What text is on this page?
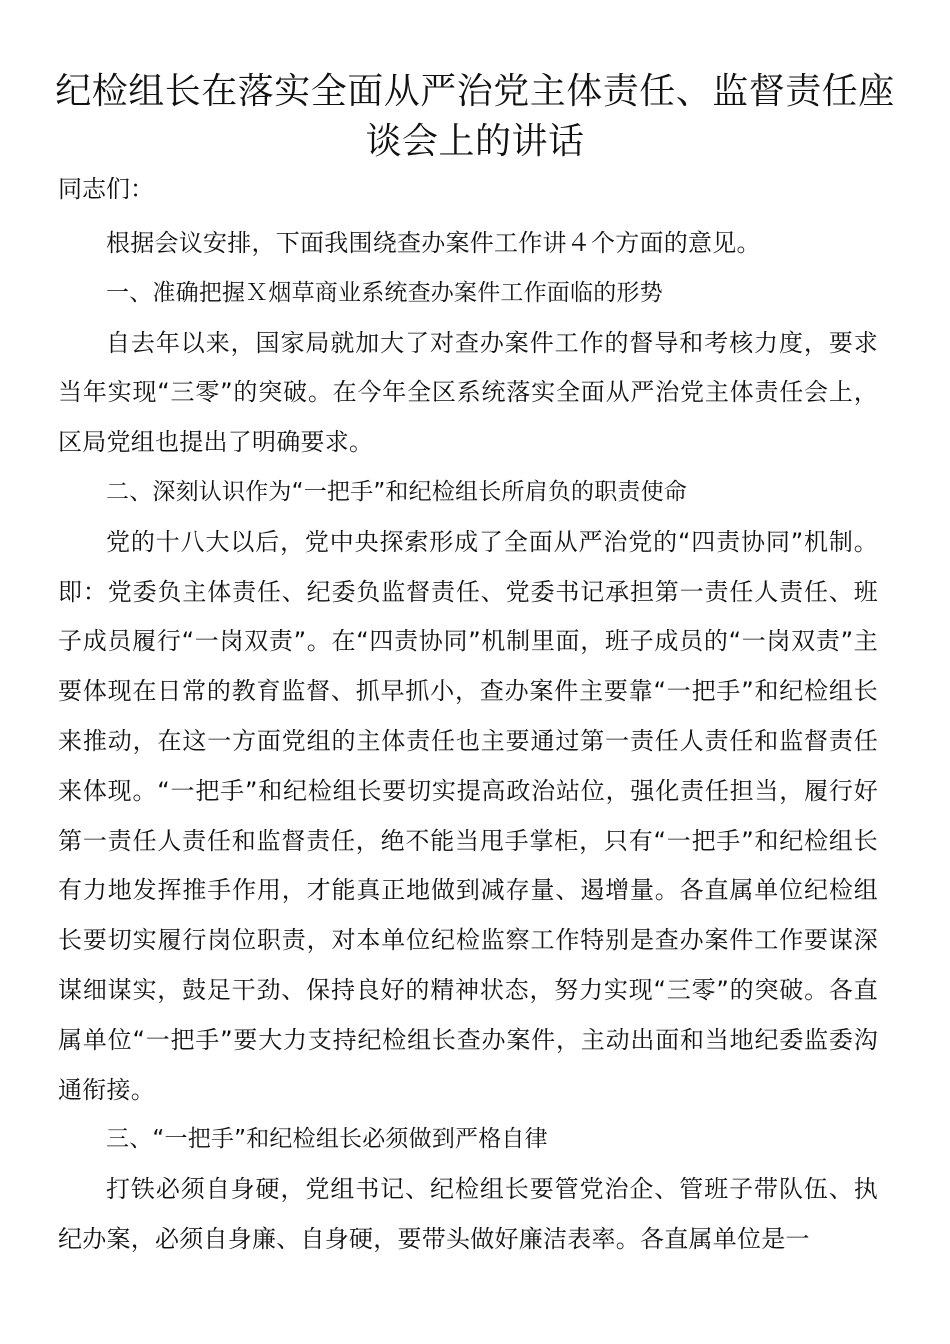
纪检组长在落实全面从严治党主体责任、监督责任座谈会上的讲话

同志们：

根据会议安排，下面我围绕查办案件工作讲４个方面的意见。

一、准确把握Ｘ烟草商业系统查办案件工作面临的形势

自去年以来，国家局就加大了对查办案件工作的督导和考核力度，要求当年实现“三零”的突破。在今年全区系统落实全面从严治党主体责任会上，区局党组也提出了明确要求。

二、深刻认识作为“一把手”和纪检组长所肩负的职责使命

党的十八大以后，党中央探索形成了全面从严治党的“四责协同”机制。即：党委负主体责任、纪委负监督责任、党委书记承担第一责任人责任、班子成员履行“一岗双责”。在“四责协同”机制里面，班子成员的“一岗双责”主要体现在日常的教育监督、抓早抓小，查办案件主要靠“一把手”和纪检组长来推动，在这一方面党组的主体责任也主要通过第一责任人责任和监督责任来体现。“一把手”和纪检组长要切实提高政治站位，强化责任担当，履行好第一责任人责任和监督责任，绝不能当甩手掌柜，只有“一把手”和纪检组长有力地发挥推手作用，才能真正地做到减存量、遏增量。各直属单位纪检组长要切实履行岗位职责，对本单位纪检监察工作特别是查办案件工作要谋深谋细谋实，鼓足干劲、保持良好的精神状态，努力实现“三零”的突破。各直属单位“一把手”要大力支持纪检组长查办案件，主动出面和当地纪委监委沟通衔接。

三、“一把手”和纪检组长必须做到严格自律

打铁必须自身硬，党组书记、纪检组长要管党治企、管班子带队伍、执纪办案，必须自身廉、自身硬，要带头做好廉洁表率。各直属单位是一
